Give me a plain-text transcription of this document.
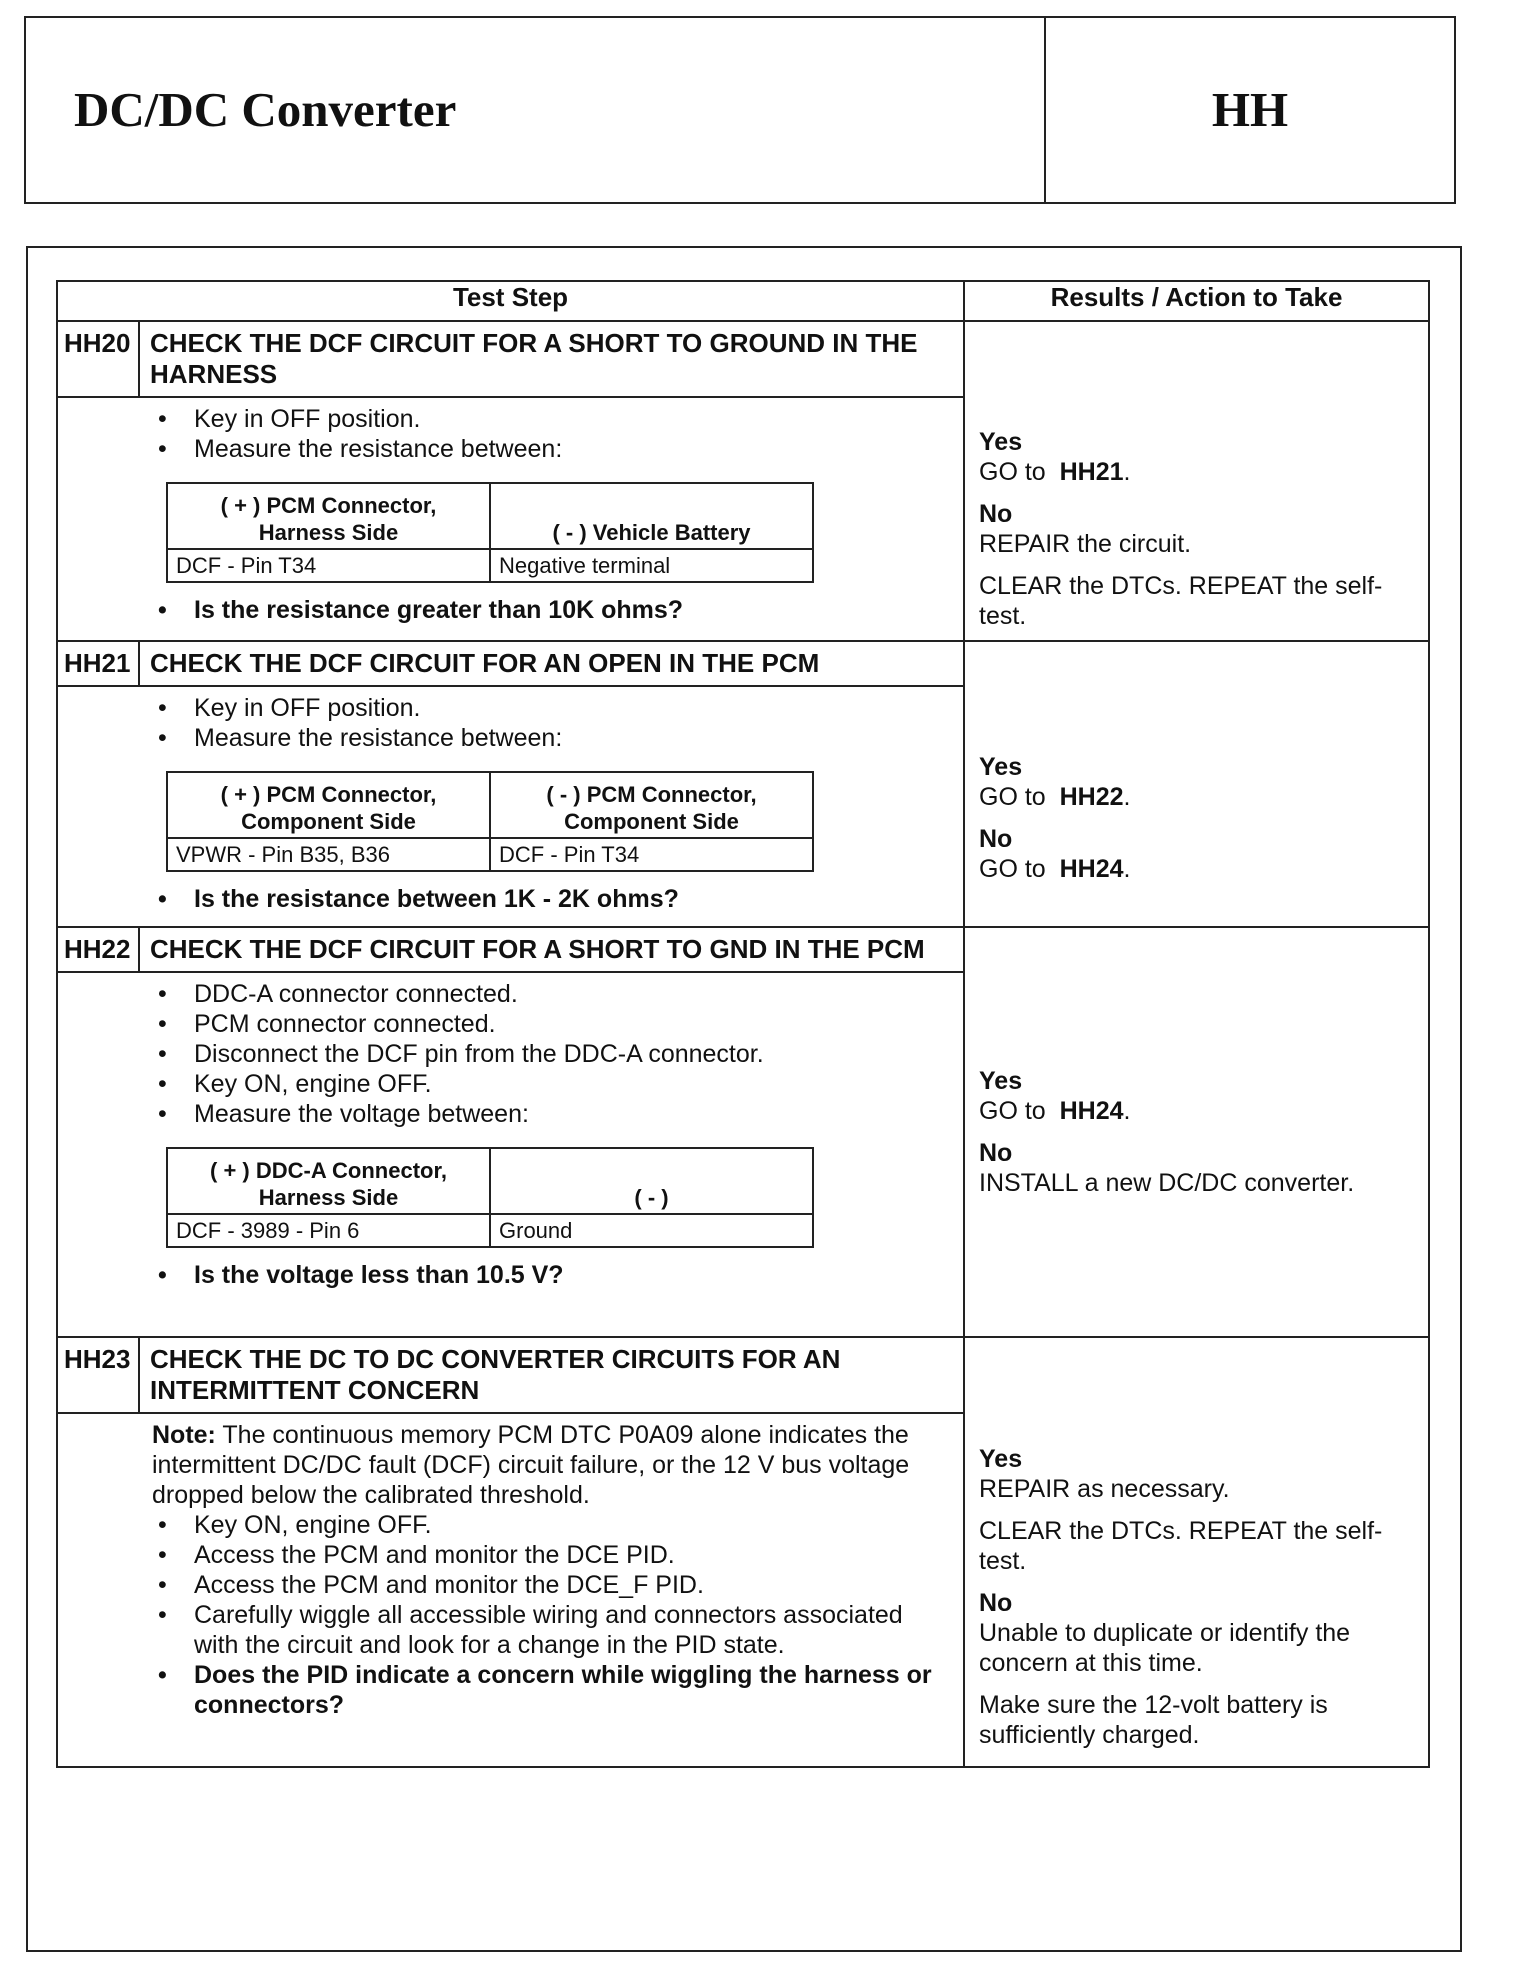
DC/DC Converter	HH
Test Step	Results / Action to Take

HH20 CHECK THE DCF CIRCUIT FOR A SHORT TO GROUND IN THE HARNESS
• Key in OFF position.
• Measure the resistance between:
( + ) PCM Connector, Harness Side	( - ) Vehicle Battery
DCF - Pin T34	Negative terminal
• Is the resistance greater than 10K ohms?

Yes

GO to HH21.

No

REPAIR the circuit.

CLEAR the DTCs. REPEAT the self-test.

HH21 CHECK THE DCF CIRCUIT FOR AN OPEN IN THE PCM
• Key in OFF position.
• Measure the resistance between:
( + ) PCM Connector, Component Side	( - ) PCM Connector, Component Side
VPWR - Pin B35, B36	DCF - Pin T34
• Is the resistance between 1K - 2K ohms?

Yes

GO to HH22.

No

GO to HH24.

HH22 CHECK THE DCF CIRCUIT FOR A SHORT TO GND IN THE PCM
• DDC-A connector connected.
• PCM connector connected.
• Disconnect the DCF pin from the DDC-A connector.
• Key ON, engine OFF.
• Measure the voltage between:
( + ) DDC-A Connector, Harness Side	( - )
DCF - 3989 - Pin 6	Ground
• Is the voltage less than 10.5 V?

Yes

GO to HH24.

No

INSTALL a new DC/DC converter.

HH23 CHECK THE DC TO DC CONVERTER CIRCUITS FOR AN INTERMITTENT CONCERN
Note: The continuous memory PCM DTC P0A09 alone indicates the intermittent DC/DC fault (DCF) circuit failure, or the 12 V bus voltage dropped below the calibrated threshold.
• Key ON, engine OFF.
• Access the PCM and monitor the DCE PID.
• Access the PCM and monitor the DCE_F PID.
• Carefully wiggle all accessible wiring and connectors associated with the circuit and look for a change in the PID state.
• Does the PID indicate a concern while wiggling the harness or connectors?

Yes

REPAIR as necessary.

CLEAR the DTCs. REPEAT the self-test.

No

Unable to duplicate or identify the concern at this time.

Make sure the 12-volt battery is sufficiently charged.
